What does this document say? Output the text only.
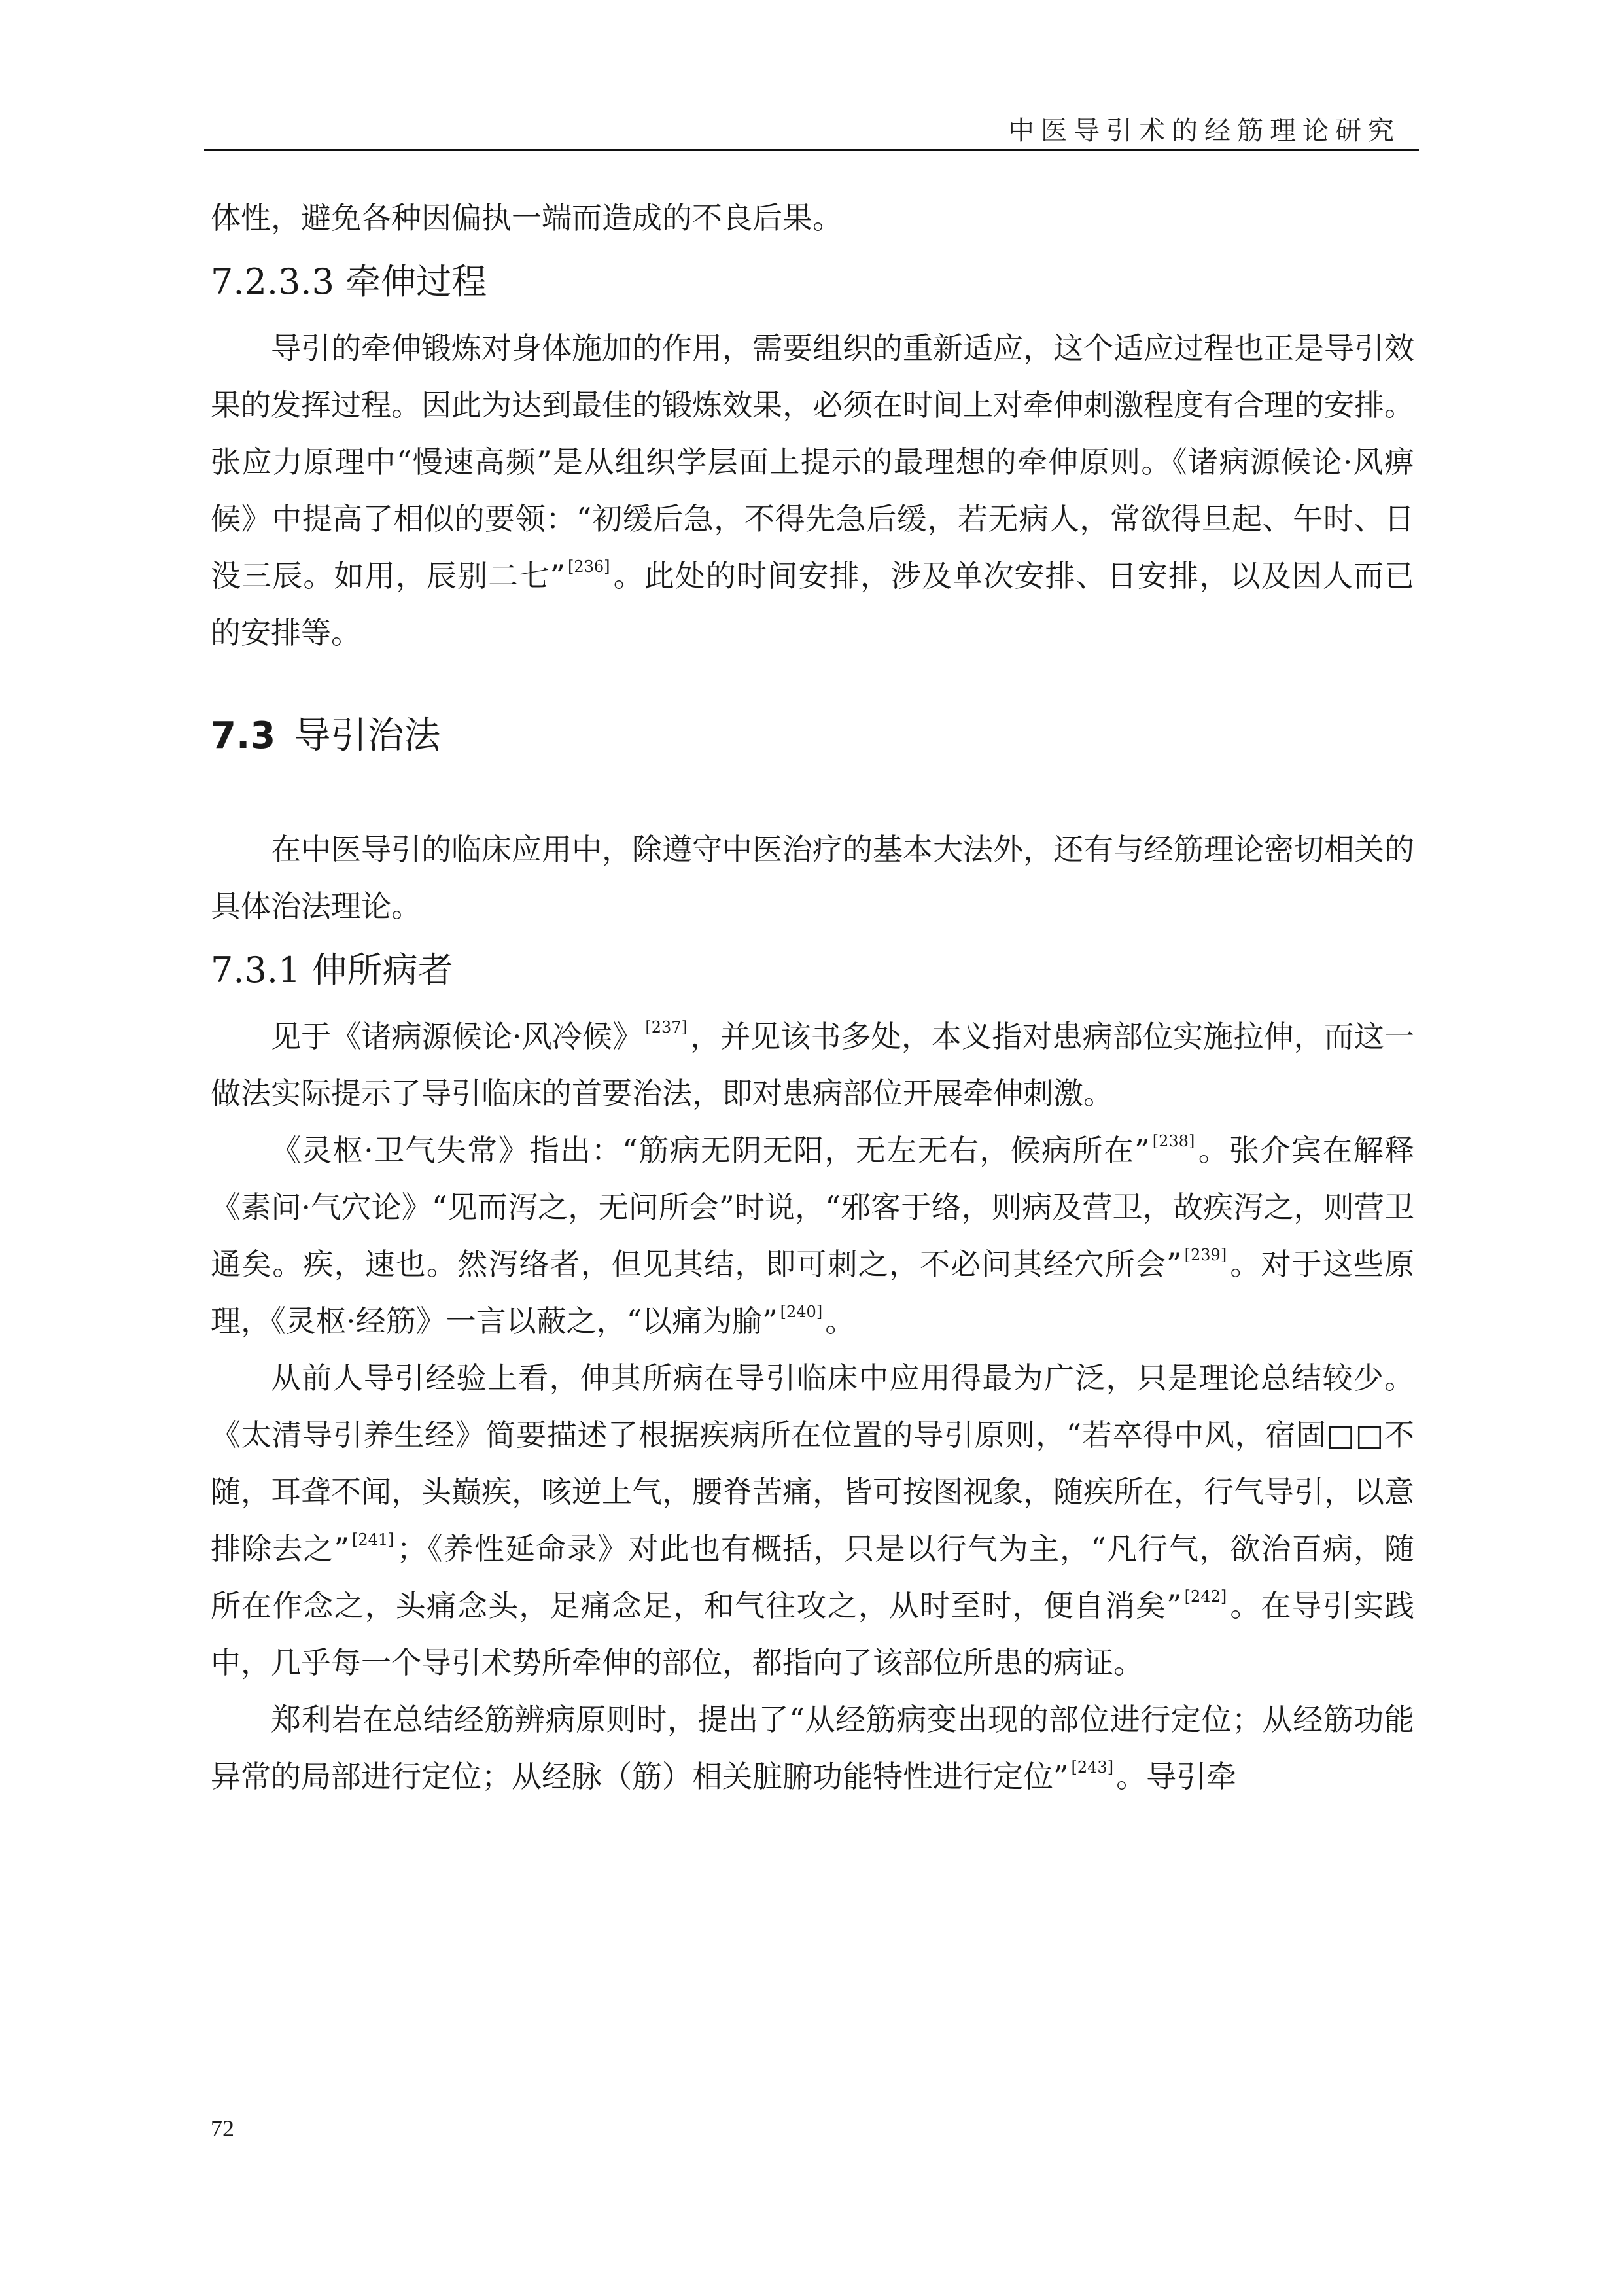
中医导引术的经筋理论研究

体性，避免各种因偏执一端而造成的不良后果。

7.2.3.3 牵伸过程

导引的牵伸锻炼对身体施加的作用，需要组织的重新适应，这个适应过程也正是导引效果的发挥过程。因此为达到最佳的锻炼效果，必须在时间上对牵伸刺激程度有合理的安排。张应力原理中“慢速高频”是从组织学层面上提示的最理想的牵伸原则。《诸病源候论·风痹候》中提高了相似的要领：“初缓后急，不得先急后缓，若无病人，常欲得旦起、午时、日没三辰。如用，辰别二七” [236]。此处的时间安排，涉及单次安排、日安排，以及因人而已的安排等。

7.3 导引治法

在中医导引的临床应用中，除遵守中医治疗的基本大法外，还有与经筋理论密切相关的具体治法理论。

7.3.1 伸所病者

见于《诸病源候论·风冷候》 [237]，并见该书多处，本义指对患病部位实施拉伸，而这一做法实际提示了导引临床的首要治法，即对患病部位开展牵伸刺激。

《灵枢·卫气失常》指出：“筋病无阴无阳，无左无右，候病所在” [238]。张介宾在解释《素问·气穴论》“见而泻之，无问所会”时说，“邪客于络，则病及营卫，故疾泻之，则营卫通矣。疾，速也。然泻络者，但见其结，即可刺之，不必问其经穴所会” [239]。对于这些原理，《灵枢·经筋》一言以蔽之，“以痛为腧” [240]。

从前人导引经验上看，伸其所病在导引临床中应用得最为广泛，只是理论总结较少。《太清导引养生经》简要描述了根据疾病所在位置的导引原则，“若卒得中风，宿固□□不随，耳聋不闻，头巅疾，咳逆上气，腰脊苦痛，皆可按图视象，随疾所在，行气导引，以意排除去之” [241]；《养性延命录》对此也有概括，只是以行气为主，“凡行气，欲治百病，随所在作念之，头痛念头，足痛念足，和气往攻之，从时至时，便自消矣” [242]。在导引实践中，几乎每一个导引术势所牵伸的部位，都指向了该部位所患的病证。

郑利岩在总结经筋辨病原则时，提出了“从经筋病变出现的部位进行定位；从经筋功能异常的局部进行定位；从经脉（筋）相关脏腑功能特性进行定位” [243]。导引牵

72
